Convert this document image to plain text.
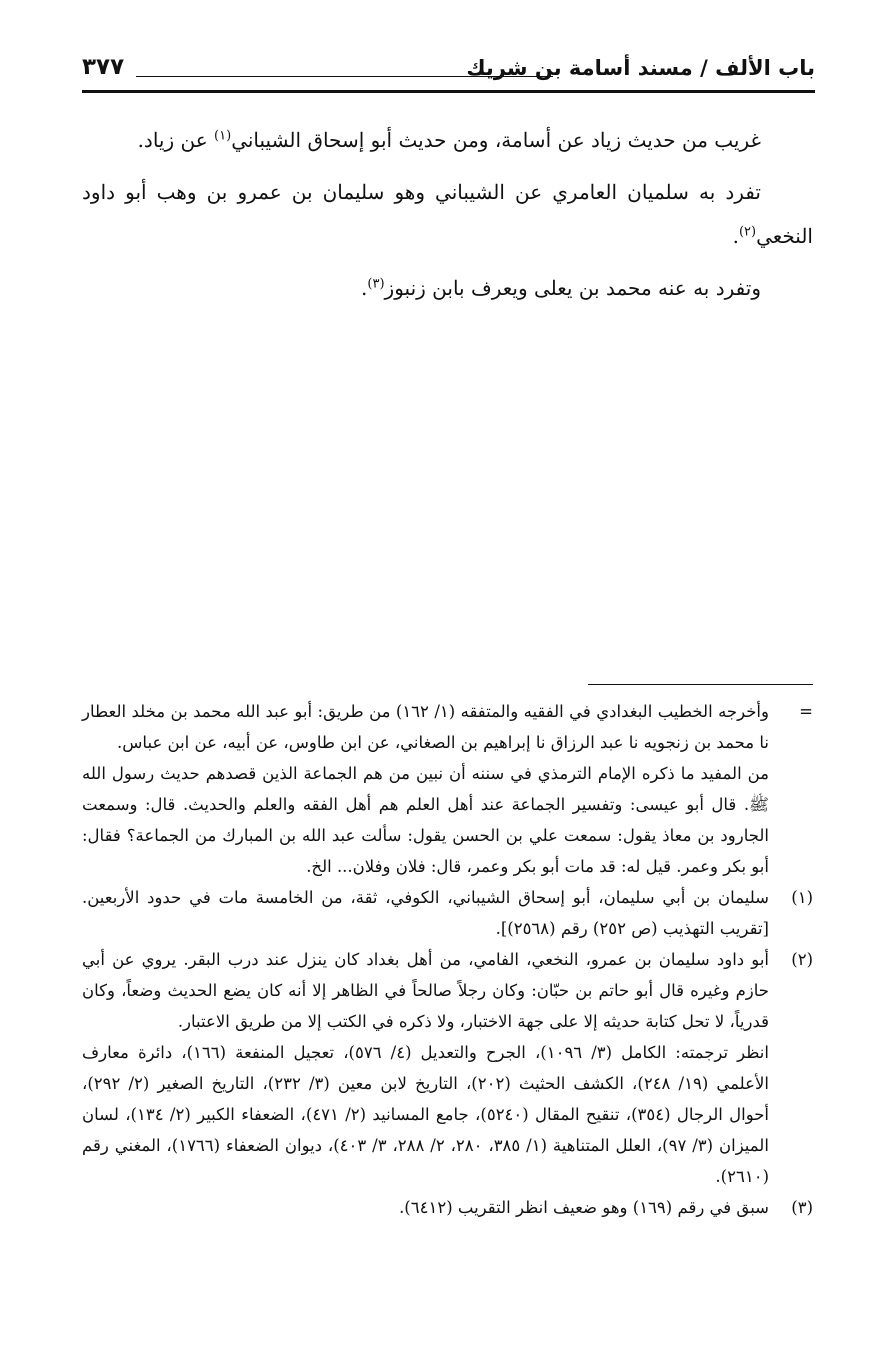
باب الألف / مسند أسامة بن شريك
٣٧٧

غريب من حديث زياد عن أسامة، ومن حديث أبو إسحاق الشيباني$^{(١)}$ عن زياد.

تفرد به سلميان العامري عن الشيباني وهو سليمان بن عمرو بن وهب أبو داود النخعي$^{(٢)}$.

وتفرد به عنه محمد بن يعلى ويعرف بابن زنبوز$^{(٣)}$.

=

وأخرجه الخطيب البغدادي في الفقيه والمتفقه (١/ ١٦٢) من طريق: أبو عبد الله محمد بن مخلد العطار نا محمد بن زنجويه نا عبد الرزاق نا إبراهيم بن الصغاني، عن ابن طاوس، عن أبيه، عن ابن عباس.

من المفيد ما ذكره الإمام الترمذي في سننه أن نبين من هم الجماعة الذين قصدهم حديث رسول الله ﷺ. قال أبو عيسى: وتفسير الجماعة عند أهل العلم هم أهل الفقه والعلم والحديث. قال: وسمعت الجارود بن معاذ يقول: سمعت علي بن الحسن يقول: سألت عبد الله بن المبارك من الجماعة؟ فقال: أبو بكر وعمر. قيل له: قد مات أبو بكر وعمر، قال: فلان وفلان... الخ.

(١)

سليمان بن أبي سليمان، أبو إسحاق الشيباني، الكوفي، ثقة، من الخامسة مات في حدود الأربعين. [تقريب التهذيب (ص ٢٥٢) رقم (٢٥٦٨)].

(٢)

أبو داود سليمان بن عمرو، النخعي، الفامي، من أهل بغداد كان ينزل عند درب البقر. يروي عن أبي حازم وغيره قال أبو حاتم بن حبّان: وكان رجلاً صالحاً في الظاهر إلا أنه كان يضع الحديث وضعاً، وكان قدرياً، لا تحل كتابة حديثه إلا على جهة الاختبار، ولا ذكره في الكتب إلا من طريق الاعتبار.

انظر ترجمته: الكامل (٣/ ١٠٩٦)، الجرح والتعديل (٤/ ٥٧٦)، تعجيل المنفعة (١٦٦)، دائرة معارف الأعلمي (١٩/ ٢٤٨)، الكشف الحثيث (٢٠٢)، التاريخ لابن معين (٣/ ٢٣٢)، التاريخ الصغير (٢/ ٢٩٢)، أحوال الرجال (٣٥٤)، تنقيح المقال (٥٢٤٠)، جامع المسانيد (٢/ ٤٧١)، الضعفاء الكبير (٢/ ١٣٤)، لسان الميزان (٣/ ٩٧)، العلل المتناهية (١/ ٣٨٥، ٢٨٠، ٢/ ٢٨٨، ٣/ ٤٠٣)، ديوان الضعفاء (١٧٦٦)، المغني رقم (٢٦١٠).

(٣)

سبق في رقم (١٦٩) وهو ضعيف انظر التقريب (٦٤١٢).
